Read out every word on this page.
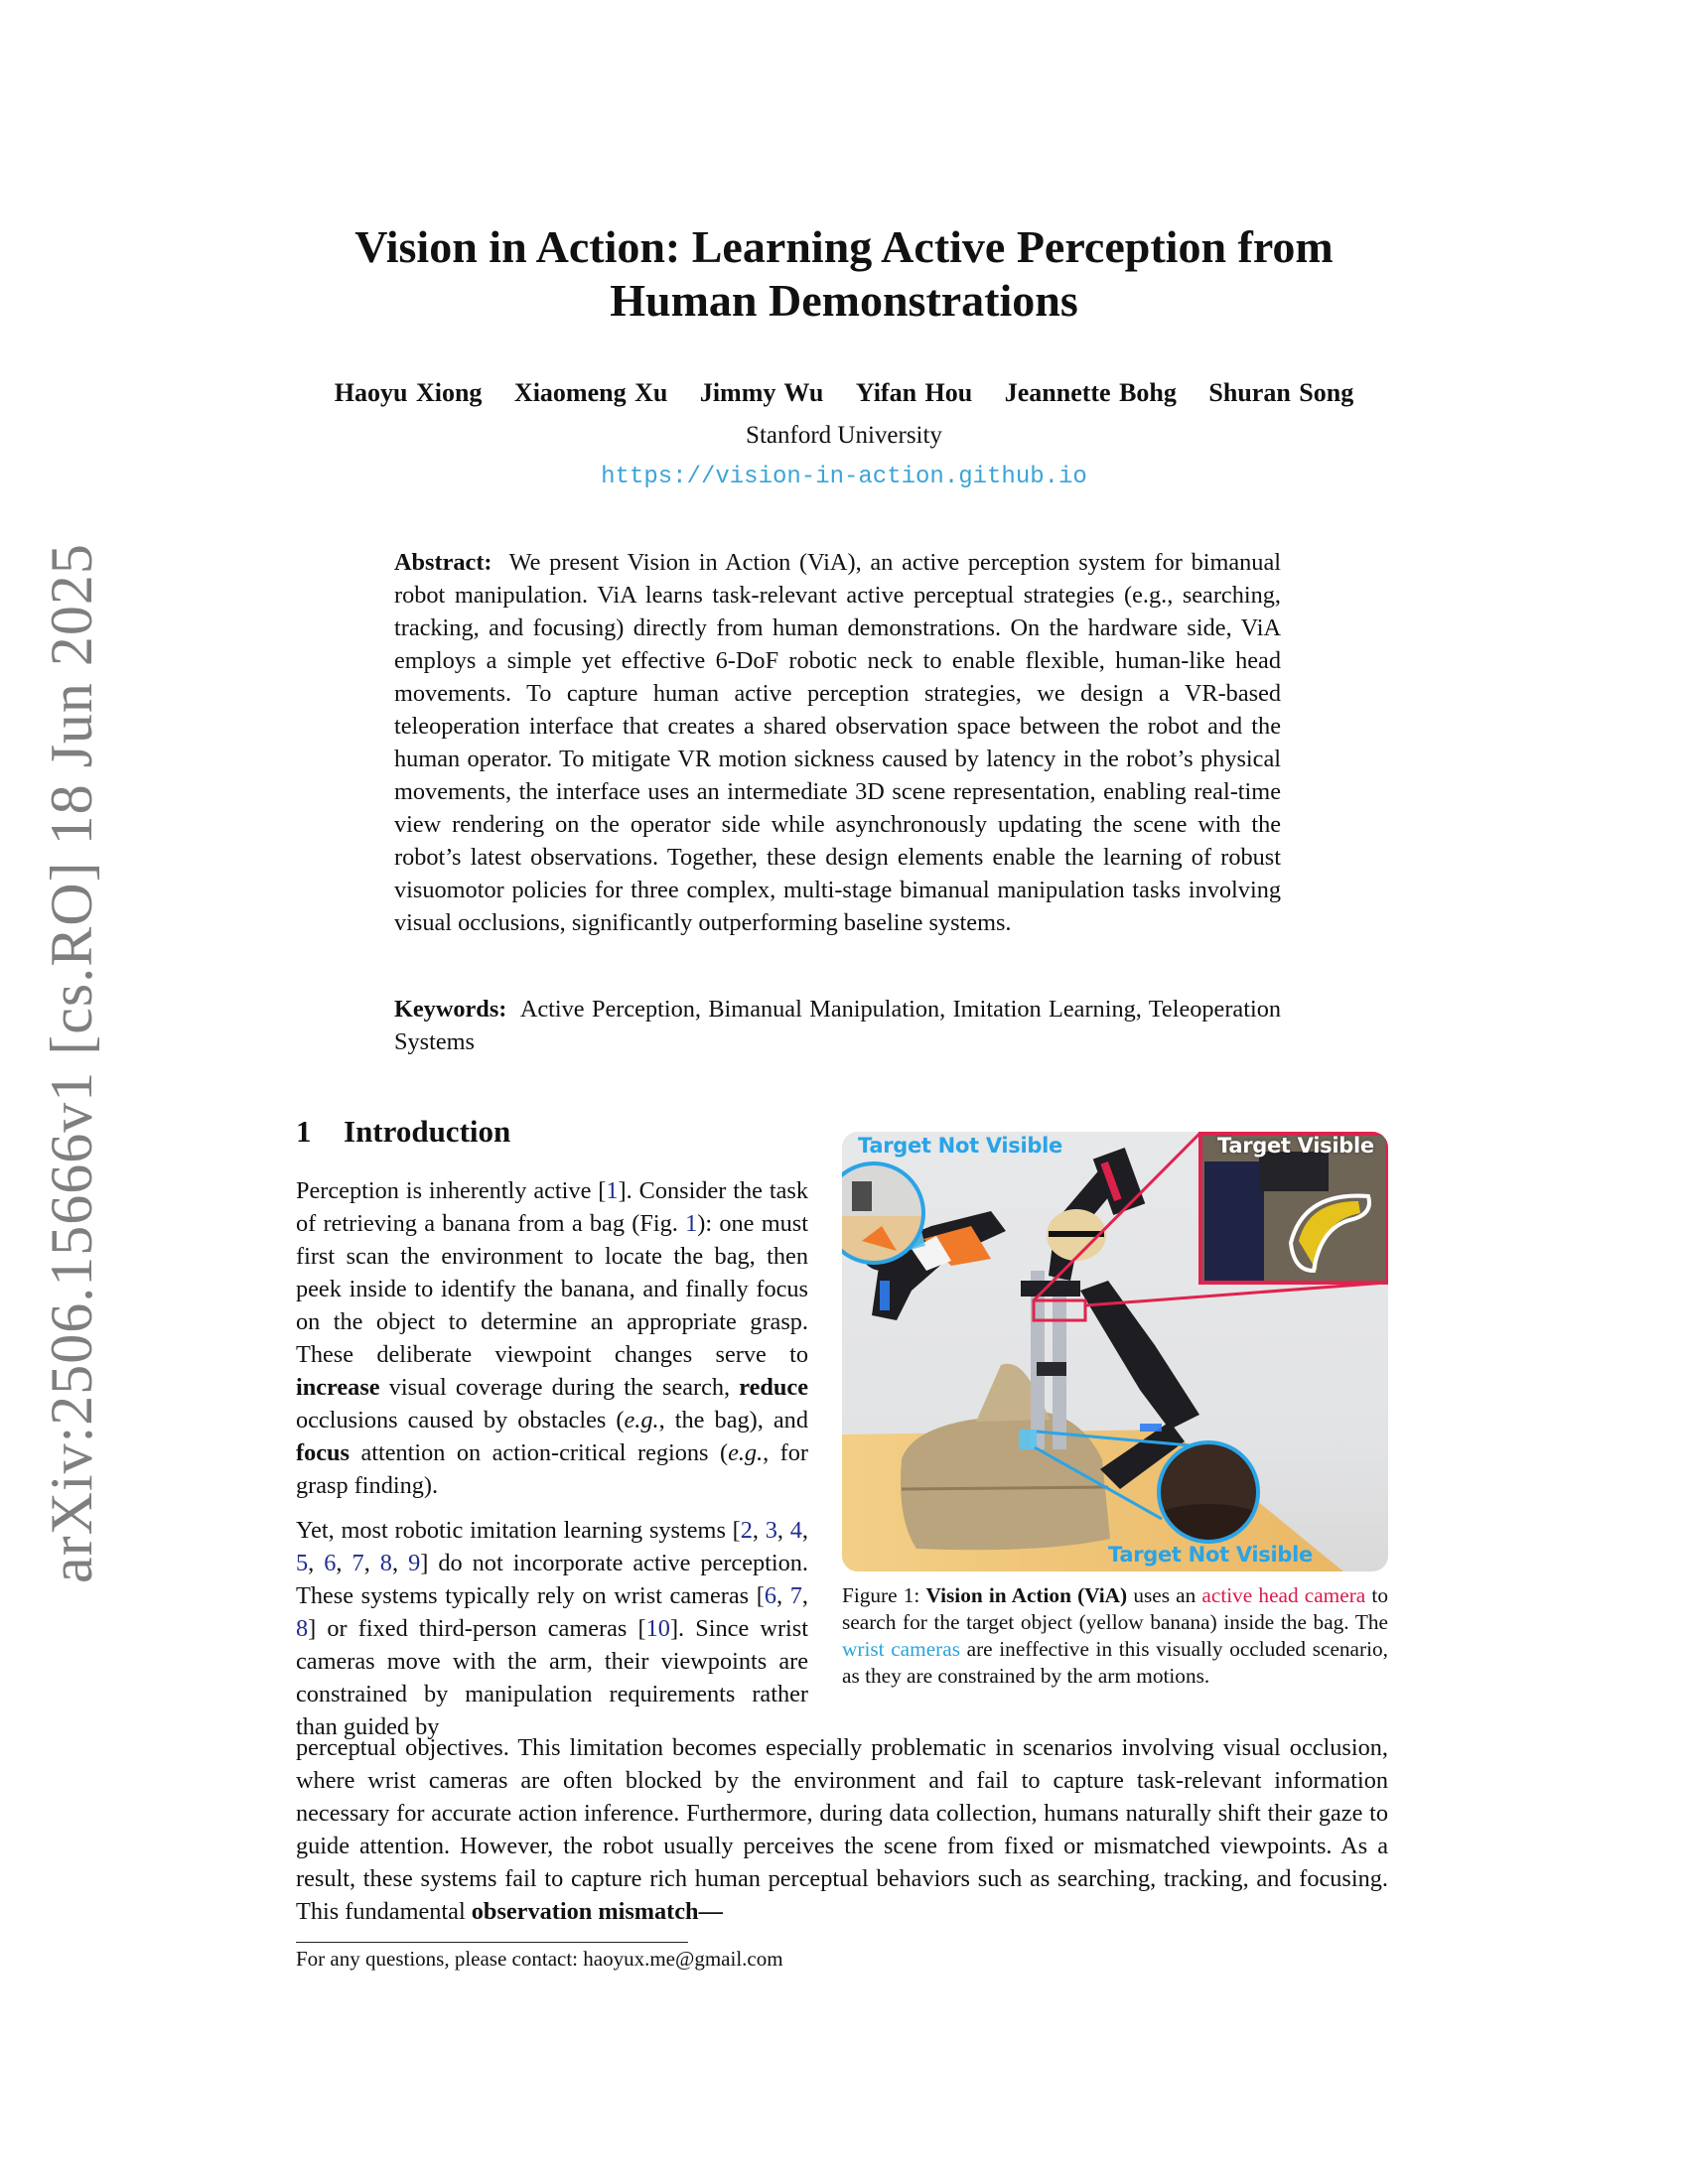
arXiv:2506.15666v1 [cs.RO] 18 Jun 2025
Vision in Action: Learning Active Perception from
Human Demonstrations
Haoyu Xiong Xiaomeng Xu Jimmy Wu Yifan Hou Jeannette Bohg Shuran Song
Stanford University
https://vision-in-action.github.io
Abstract: We present Vision in Action (ViA), an active perception system for bimanual robot manipulation. ViA learns task-relevant active perceptual strategies (e.g., searching, tracking, and focusing) directly from human demonstrations. On the hardware side, ViA employs a simple yet effective 6-DoF robotic neck to enable flexible, human-like head movements. To capture human active perception strategies, we design a VR-based teleoperation interface that creates a shared observation space between the robot and the human operator. To mitigate VR motion sickness caused by latency in the robot’s physical movements, the interface uses an intermediate 3D scene representation, enabling real-time view rendering on the operator side while asynchronously updating the scene with the robot’s latest observations. Together, these design elements enable the learning of robust visuomotor policies for three complex, multi-stage bimanual manipulation tasks involving visual occlusions, significantly outperforming baseline systems.
Keywords: Active Perception, Bimanual Manipulation, Imitation Learning, Teleoperation Systems
1 Introduction

Perception is inherently active [1]. Consider the task of retrieving a banana from a bag (Fig. 1): one must first scan the environment to locate the bag, then peek inside to identify the banana, and finally focus on the object to determine an appropriate grasp. These deliberate viewpoint changes serve to increase visual coverage during the search, reduce occlusions caused by obstacles (e.g., the bag), and focus attention on action-critical regions (e.g., for grasp finding).

Yet, most robotic imitation learning systems [2, 3, 4, 5, 6, 7, 8, 9] do not incorporate active perception. These systems typically rely on wrist cameras [6, 7, 8] or fixed third-person cameras [10]. Since wrist cameras move with the arm, their viewpoints are constrained by manipulation requirements rather than guided by

Target Not Visible	Target Visible
Target Not Visible
Figure 1: Vision in Action (ViA) uses an active head camera to search for the target object (yellow banana) inside the bag. The wrist cameras are ineffective in this visually occluded scenario, as they are constrained by the arm motions.
perceptual objectives. This limitation becomes especially problematic in scenarios involving visual occlusion, where wrist cameras are often blocked by the environment and fail to capture task-relevant information necessary for accurate action inference. Furthermore, during data collection, humans naturally shift their gaze to guide attention. However, the robot usually perceives the scene from fixed or mismatched viewpoints. As a result, these systems fail to capture rich human perceptual behaviors such as searching, tracking, and focusing. This fundamental observation mismatch—
For any questions, please contact: haoyux.me@gmail.com
